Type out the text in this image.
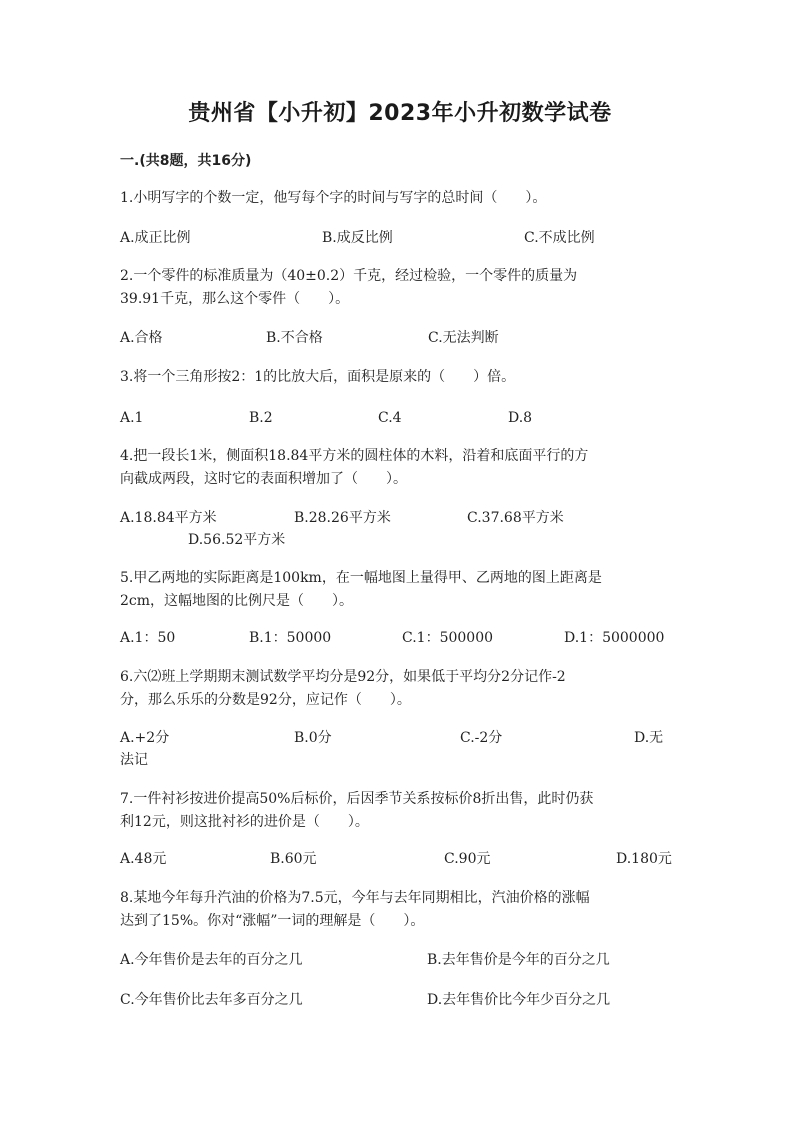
贵州省【小升初】2023年小升初数学试卷
一.(共8题，共16分)
1.小明写字的个数一定，他写每个字的时间与写字的总时间（　　）。
A.成正比例	B.成反比例	C.不成比例
2.一个零件的标准质量为（40±0.2）千克，经过检验，一个零件的质量为
39.91千克，那么这个零件（　　）。
A.合格	B.不合格	C.无法判断
3.将一个三角形按2：1的比放大后，面积是原来的（　　）倍。
A.1	B.2	C.4	D.8
4.把一段长1米，侧面积18.84平方米的圆柱体的木料，沿着和底面平行的方
向截成两段，这时它的表面积增加了（　　）。
A.18.84平方米	B.28.26平方米	C.37.68平方米
D.56.52平方米
5.甲乙两地的实际距离是100km，在一幅地图上量得甲、乙两地的图上距离是
2cm，这幅地图的比例尺是（　　）。
A.1：50	B.1：50000	C.1：500000	D.1：5000000
6.六⑵班上学期期末测试数学平均分是92分，如果低于平均分2分记作-2
分，那么乐乐的分数是92分，应记作（　　）。
A.+2分	B.0分	C.-2分	D.无
法记
7.一件衬衫按进价提高50%后标价，后因季节关系按标价8折出售，此时仍获
利12元，则这批衬衫的进价是（　　）。
A.48元	B.60元	C.90元	D.180元
8.某地今年每升汽油的价格为7.5元，今年与去年同期相比，汽油价格的涨幅
达到了15%。你对“涨幅”一词的理解是（　　）。
A.今年售价是去年的百分之几	B.去年售价是今年的百分之几
C.今年售价比去年多百分之几	D.去年售价比今年少百分之几
